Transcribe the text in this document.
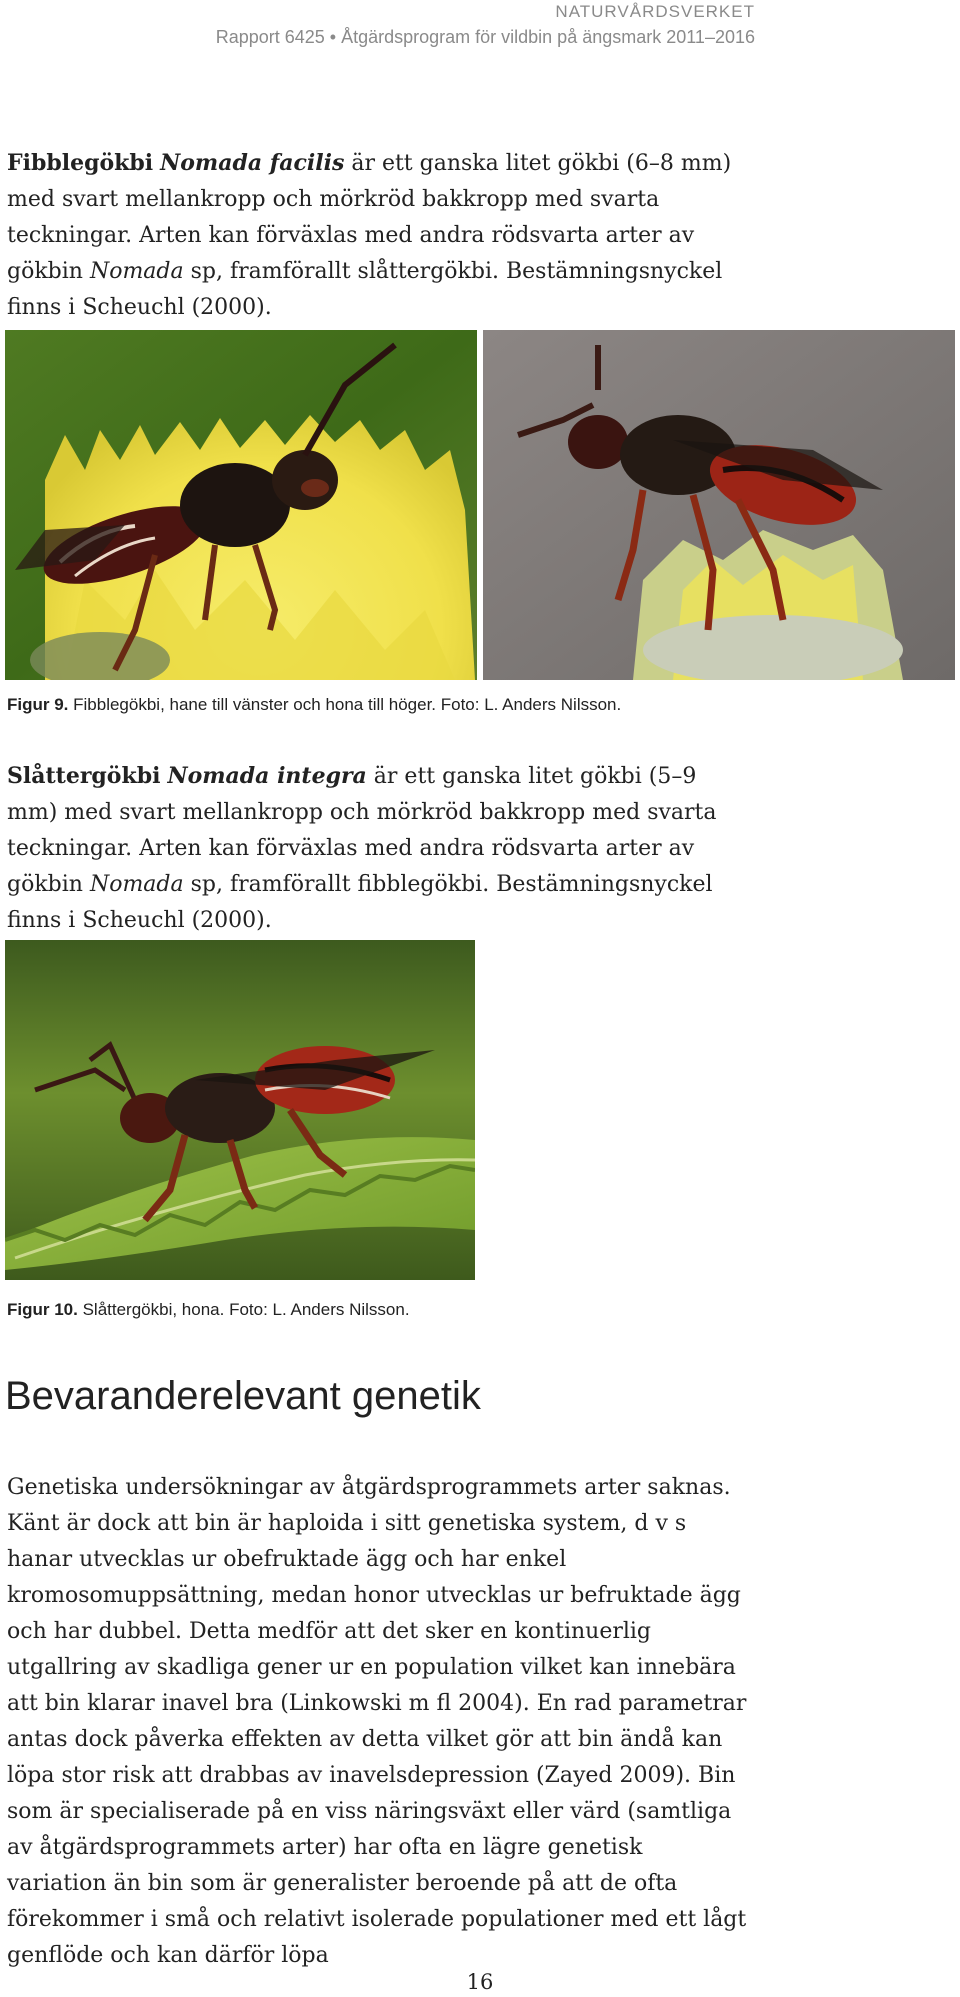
NATURVÅRDSVERKET
Rapport 6425 • Åtgärdsprogram för vildbin på ängsmark 2011–2016

Fibblegökbi Nomada facilis är ett ganska litet gökbi (6–8 mm) med svart mellankropp och mörkröd bakkropp med svarta teckningar. Arten kan förväxlas med andra rödsvarta arter av gökbin Nomada sp, framförallt slåttergökbi. Bestämningsnyckel finns i Scheuchl (2000).

Figur 9. Fibblegökbi, hane till vänster och hona till höger. Foto: L. Anders Nilsson.

Slåttergökbi Nomada integra är ett ganska litet gökbi (5–9 mm) med svart mellankropp och mörkröd bakkropp med svarta teckningar. Arten kan förväxlas med andra rödsvarta arter av gökbin Nomada sp, framförallt fibblegökbi. Bestämningsnyckel finns i Scheuchl (2000).

Figur 10. Slåttergökbi, hona. Foto: L. Anders Nilsson.
Bevaranderelevant genetik

Genetiska undersökningar av åtgärdsprogrammets arter saknas. Känt är dock att bin är haploida i sitt genetiska system, d v s hanar utvecklas ur obefruktade ägg och har enkel kromosomuppsättning, medan honor utvecklas ur befruktade ägg och har dubbel. Detta medför att det sker en kontinuerlig utgallring av skadliga gener ur en population vilket kan innebära att bin klarar inavel bra (Linkowski m fl 2004). En rad parametrar antas dock påverka effekten av detta vilket gör att bin ändå kan löpa stor risk att drabbas av inavelsdepression (Zayed 2009). Bin som är specialiserade på en viss näringsväxt eller värd (samtliga av åtgärdsprogrammets arter) har ofta en lägre genetisk variation än bin som är generalister beroende på att de ofta förekommer i små och relativt isolerade populationer med ett lågt genflöde och kan därför löpa

16
